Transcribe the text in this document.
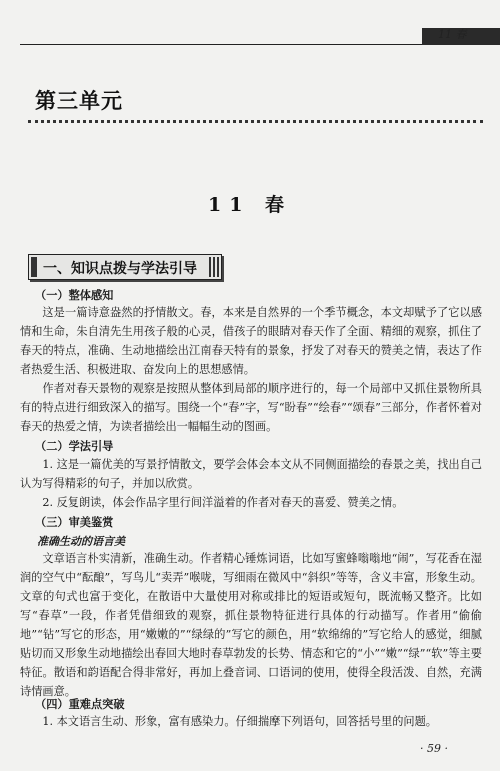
11 春
第三单元
11 春
一、知识点拨与学法引导
（一）整体感知

这是一篇诗意盎然的抒情散文。春，本来是自然界的一个季节概念，本文却赋予了它以感情和生命，朱自清先生用孩子般的心灵，借孩子的眼睛对春天作了全面、精细的观察，抓住了春天的特点，准确、生动地描绘出江南春天特有的景象，抒发了对春天的赞美之情，表达了作者热爱生活、积极进取、奋发向上的思想感情。

作者对春天景物的观察是按照从整体到局部的顺序进行的，每一个局部中又抓住景物所具有的特点进行细致深入的描写。围绕一个“春”字，写“盼春”“绘春”“颂春”三部分，作者怀着对春天的热爱之情，为读者描绘出一幅幅生动的图画。

（二）学法引导

1. 这是一篇优美的写景抒情散文，要学会体会本文从不同侧面描绘的春景之美，找出自己认为写得精彩的句子，并加以欣赏。

2. 反复朗读，体会作品字里行间洋溢着的作者对春天的喜爱、赞美之情。

（三）审美鉴赏
准确生动的语言美

文章语言朴实清新，准确生动。作者精心锤炼词语，比如写蜜蜂嗡嗡地“闹”，写花香在湿润的空气中“酝酿”，写鸟儿“卖弄”喉咙，写细雨在微风中“斜织”等等，含义丰富，形象生动。文章的句式也富于变化，在散语中大量使用对称或排比的短语或短句，既流畅又整齐。比如写“春草”一段，作者凭借细致的观察，抓住景物特征进行具体的行动描写。作者用“偷偷地”“钻”写它的形态，用“嫩嫩的”“绿绿的”写它的颜色，用“软绵绵的”写它给人的感觉，细腻贴切而又形象生动地描绘出春回大地时春草勃发的长势、情态和它的“小”“嫩”“绿”“软”等主要特征。散语和韵语配合得非常好，再加上叠音词、口语词的使用，使得全段活泼、自然，充满诗情画意。

（四）重难点突破

1. 本文语言生动、形象，富有感染力。仔细揣摩下列语句，回答括号里的问题。

· 59 ·
